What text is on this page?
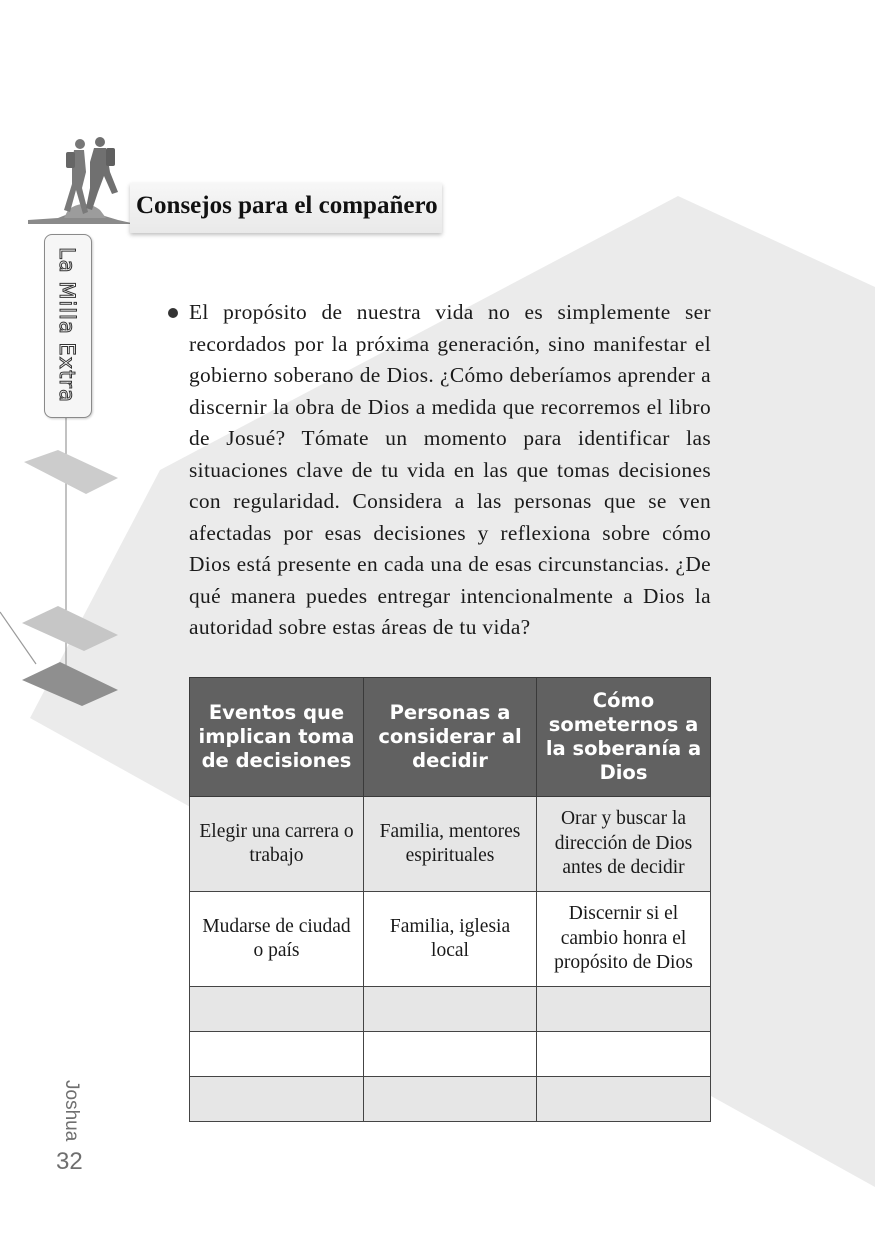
Consejos para el compañero
La Milla Extra	El propósito de nuestra vida no es simplemente ser recordados por la próxima generación, sino manifestar el gobierno soberano de Dios. ¿Cómo deberíamos aprender a discernir la obra de Dios a medida que recorremos el libro de Josué? Tómate un momento para identificar las situaciones clave de tu vida en las que tomas decisiones con regularidad. Considera a las personas que se ven afectadas por esas decisiones y reflexiona sobre cómo Dios está presente en cada una de esas circunstancias. ¿De qué manera puedes entregar intencionalmente a Dios la autoridad sobre estas áreas de tu vida?
Eventos que implican toma de decisiones	Personas a considerar al decidir	Cómo someternos a la soberanía a Dios
Elegir una carrera o trabajo	Familia, mentores espirituales	Orar y buscar la dirección de Dios antes de decidir
Mudarse de ciudad o país	Familia, iglesia local	Discernir si el cambio honra el propósito de Dios

Joshua
32
